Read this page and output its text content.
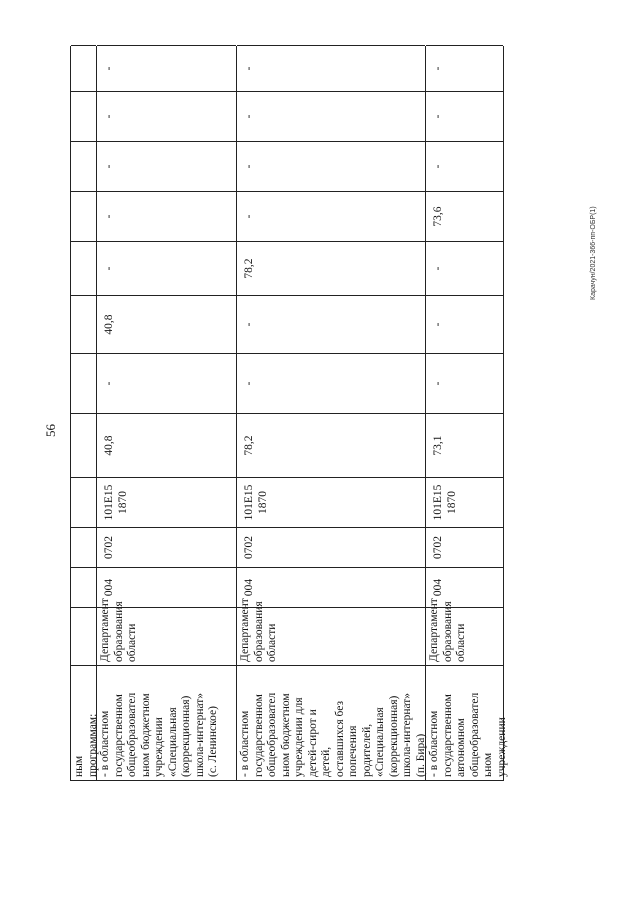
56
Карачун/2021-366-пп-ОБР(1)
ным
программам: - в областном
государственном
общеобразовател
ьном бюджетном
учреждении
«Специальная
(коррекционная)
школа-интернат»
(с. Ленинское)
Департамент
образования
области
004
0702
101E15
1870
40,8
-
40,8
-
-
-
-
-
- в областном
государственном
общеобразовател
ьном бюджетном
учреждении для
детей-сирот и
детей,
оставшихся без
попечения
родителей,
«Специальная
(коррекционная)
школа-интернат»
(п. Бира)
Департамент
образования
области
004
0702
101E15
1870
78,2
-
-
78,2
-
-
-
-
- в областном
государственном
автономном
общеобразовател
ьном
учреждении
Департамент
образования
области
004
0702
101E15
1870
73,1
-
-
-
73,6
-
-
-
